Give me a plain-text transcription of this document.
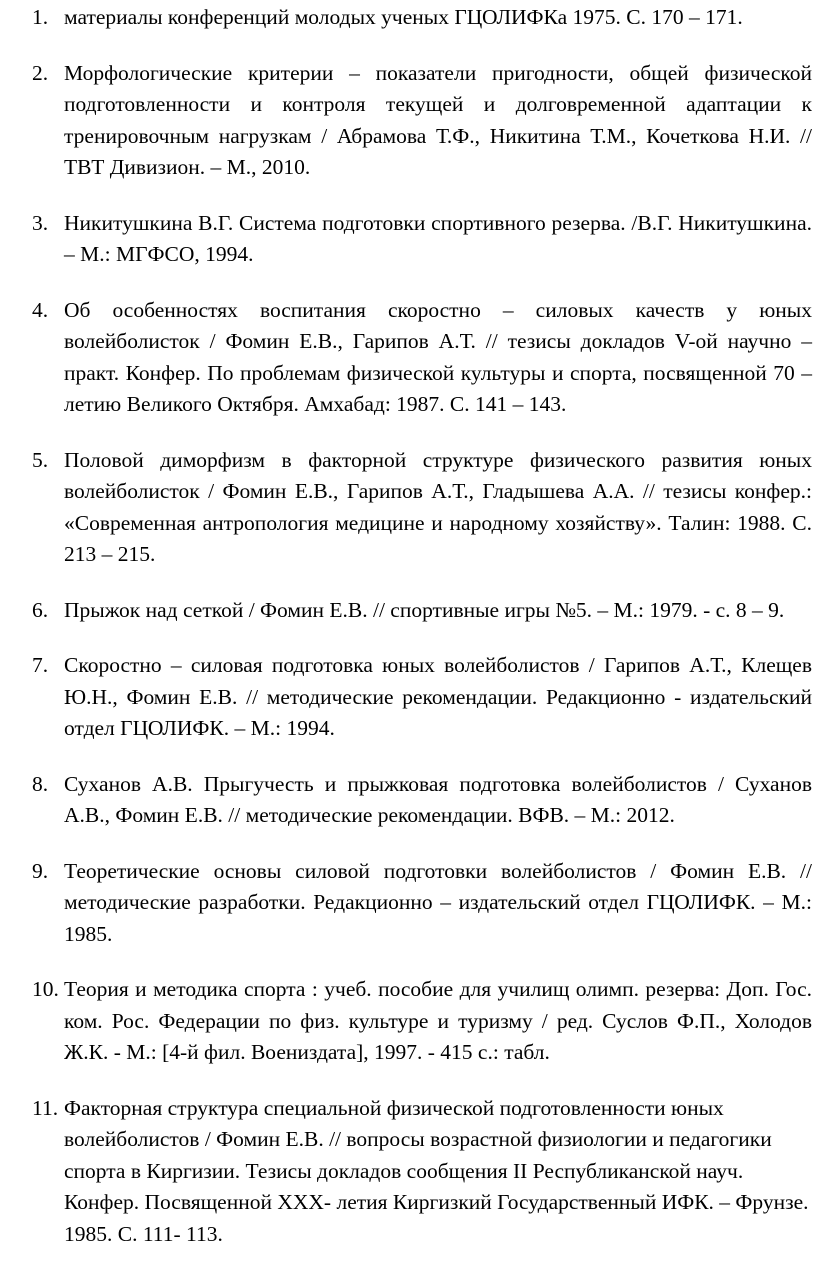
1. материалы конференций молодых ученых ГЦОЛИФКа 1975. С. 170 – 171.
2. Морфологические критерии – показатели пригодности, общей физической подготовленности и контроля текущей и долговременной адаптации к тренировочным нагрузкам / Абрамова Т.Ф., Никитина Т.М., Кочеткова Н.И. // ТВТ Дивизион. – М., 2010.
3. Никитушкина В.Г. Система подготовки спортивного резерва. /В.Г. Никитушкина. – М.: МГФСО, 1994.
4. Об особенностях воспитания скоростно – силовых качеств у юных волейболисток / Фомин Е.В., Гарипов А.Т. // тезисы докладов V-ой научно – практ. Конфер. По проблемам физической культуры и спорта, посвященной 70 – летию Великого Октября. Амхабад: 1987. С. 141 – 143.
5. Половой диморфизм в факторной структуре физического развития юных волейболисток / Фомин Е.В., Гарипов А.Т., Гладышева А.А. // тезисы конфер.: «Современная антропология медицине и народному хозяйству». Талин: 1988. С. 213 – 215.
6. Прыжок над сеткой / Фомин Е.В. // спортивные игры №5. – М.: 1979. - с. 8 – 9.
7. Скоростно – силовая подготовка юных волейболистов / Гарипов А.Т., Клещев Ю.Н., Фомин Е.В. // методические рекомендации. Редакционно - издательский отдел ГЦОЛИФК. – М.: 1994.
8. Суханов А.В. Прыгучесть и прыжковая подготовка волейболистов / Суханов А.В., Фомин Е.В. // методические рекомендации. ВФВ. – М.: 2012.
9. Теоретические основы силовой подготовки волейболистов / Фомин Е.В. // методические разработки. Редакционно – издательский отдел ГЦОЛИФК. – М.: 1985.
10. Теория и методика спорта : учеб. пособие для училищ олимп. резерва: Доп. Гос. ком. Рос. Федерации по физ. культуре и туризму / ред. Суслов Ф.П., Холодов Ж.К. - М.: [4-й фил. Воениздата], 1997. - 415 с.: табл.
11. Факторная структура специальной физической подготовленности юных волейболистов / Фомин Е.В. // вопросы возрастной физиологии и педагогики спорта в Киргизии. Тезисы докладов сообщения II Республиканской науч. Конфер. Посвященной XXX- летия Киргизкий Государственный ИФК. – Фрунзе. 1985. С. 111- 113.
